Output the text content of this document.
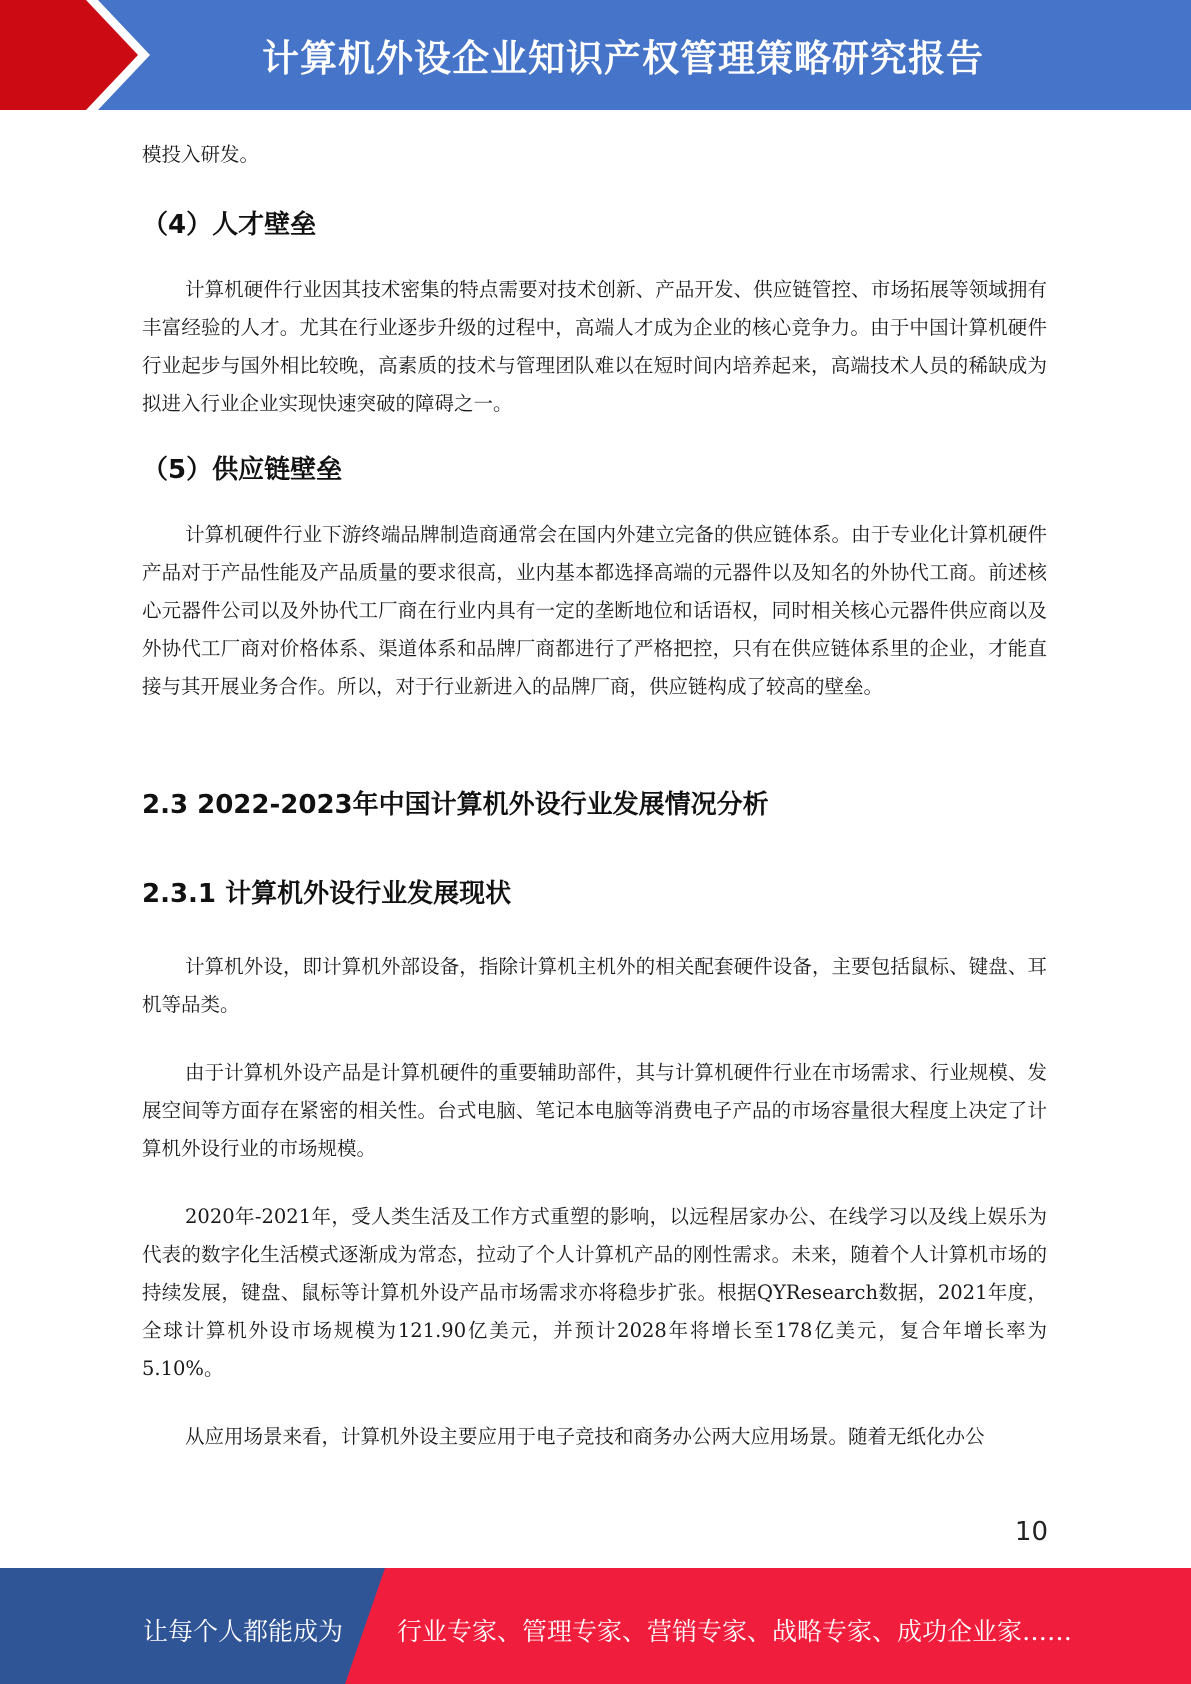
计算机外设企业知识产权管理策略研究报告

模投入研发。

（4）人才壁垒

计算机硬件行业因其技术密集的特点需要对技术创新、产品开发、供应链管控、市场拓展等领域拥有丰富经验的人才。尤其在行业逐步升级的过程中，高端人才成为企业的核心竞争力。由于中国计算机硬件行业起步与国外相比较晚，高素质的技术与管理团队难以在短时间内培养起来，高端技术人员的稀缺成为拟进入行业企业实现快速突破的障碍之一。

（5）供应链壁垒

计算机硬件行业下游终端品牌制造商通常会在国内外建立完备的供应链体系。由于专业化计算机硬件产品对于产品性能及产品质量的要求很高，业内基本都选择高端的元器件以及知名的外协代工商。前述核心元器件公司以及外协代工厂商在行业内具有一定的垄断地位和话语权，同时相关核心元器件供应商以及外协代工厂商对价格体系、渠道体系和品牌厂商都进行了严格把控，只有在供应链体系里的企业，才能直接与其开展业务合作。所以，对于行业新进入的品牌厂商，供应链构成了较高的壁垒。

2.3 2022-2023年中国计算机外设行业发展情况分析
2.3.1 计算机外设行业发展现状

计算机外设，即计算机外部设备，指除计算机主机外的相关配套硬件设备，主要包括鼠标、键盘、耳机等品类。

由于计算机外设产品是计算机硬件的重要辅助部件，其与计算机硬件行业在市场需求、行业规模、发展空间等方面存在紧密的相关性。台式电脑、笔记本电脑等消费电子产品的市场容量很大程度上决定了计算机外设行业的市场规模。

2020年-2021年，受人类生活及工作方式重塑的影响，以远程居家办公、在线学习以及线上娱乐为代表的数字化生活模式逐渐成为常态，拉动了个人计算机产品的刚性需求。未来，随着个人计算机市场的持续发展，键盘、鼠标等计算机外设产品市场需求亦将稳步扩张。根据QYResearch数据，2021年度，全球计算机外设市场规模为121.90亿美元，并预计2028年将增长至178亿美元，复合年增长率为5.10%。

从应用场景来看，计算机外设主要应用于电子竞技和商务办公两大应用场景。随着无纸化办公

10
让每个人都能成为 行业专家、管理专家、营销专家、战略专家、成功企业家……
